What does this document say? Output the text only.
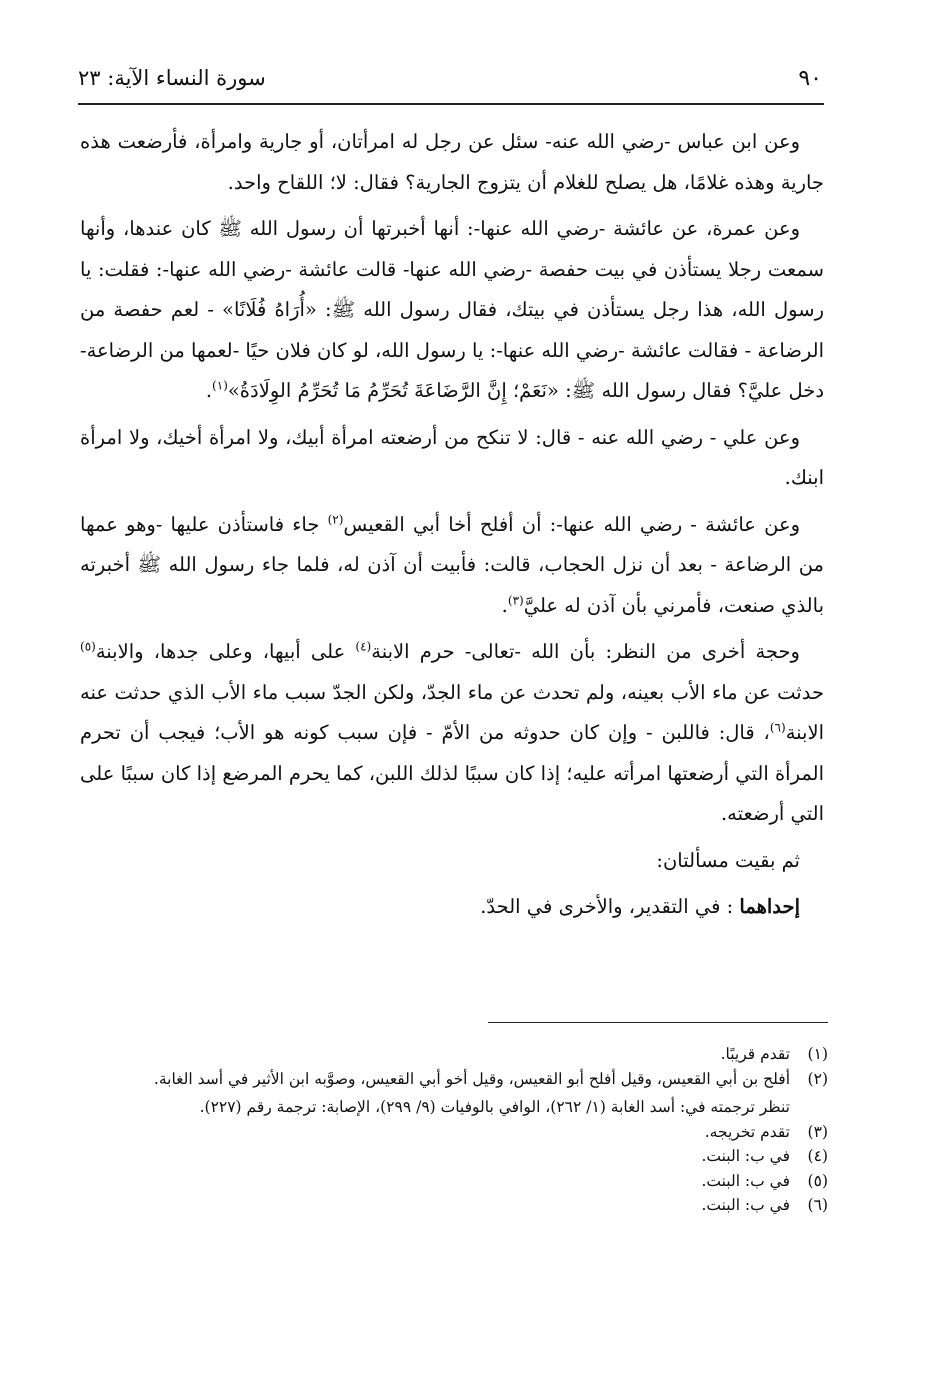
٩٠
سورة النساء الآية: ٢٣

وعن ابن عباس -رضي الله عنه- سئل عن رجل له امرأتان، أو جارية وامرأة، فأرضعت هذه جارية وهذه غلامًا، هل يصلح للغلام أن يتزوج الجارية؟ فقال: لا؛ اللقاح واحد.

وعن عمرة، عن عائشة -رضي الله عنها-: أنها أخبرتها أن رسول الله ﷺ كان عندها، وأنها سمعت رجلا يستأذن في بيت حفصة -رضي الله عنها- قالت عائشة -رضي الله عنها-: فقلت: يا رسول الله، هذا رجل يستأذن في بيتك، فقال رسول الله ﷺ: «أُرَاهُ فُلَانًا» - لعم حفصة من الرضاعة - فقالت عائشة -رضي الله عنها-: يا رسول الله، لو كان فلان حيًا -لعمها من الرضاعة- دخل عليَّ؟ فقال رسول الله ﷺ: «نَعَمْ؛ إِنَّ الرَّضَاعَةَ تُحَرِّمُ مَا تُحَرِّمُ الوِلَادَةُ»$^{(١)}$.

وعن علي - رضي الله عنه - قال: لا تنكح من أرضعته امرأة أبيك، ولا امرأة أخيك، ولا امرأة ابنك.

وعن عائشة - رضي الله عنها-: أن أفلح أخا أبي القعيس$^{(٢)}$ جاء فاستأذن عليها -وهو عمها من الرضاعة - بعد أن نزل الحجاب، قالت: فأبيت أن آذن له، فلما جاء رسول الله ﷺ أخبرته بالذي صنعت، فأمرني بأن آذن له عليَّ$^{(٣)}$.

وحجة أخرى من النظر: بأن الله -تعالى- حرم الابنة$^{(٤)}$ على أبيها، وعلى جدها، والابنة$^{(٥)}$ حدثت عن ماء الأب بعينه، ولم تحدث عن ماء الجدّ، ولكن الجدّ سبب ماء الأب الذي حدثت عنه الابنة$^{(٦)}$، قال: فاللبن - وإن كان حدوثه من الأمّ - فإن سبب كونه هو الأب؛ فيجب أن تحرم المرأة التي أرضعتها امرأته عليه؛ إذا كان سببًا لذلك اللبن، كما يحرم المرضع إذا كان سببًا على التي أرضعته.

ثم بقيت مسألتان:

إحداهما : في التقدير، والأخرى في الحدّ.

(١)
تقدم قريبًا.
(٢)
أفلح بن أبي القعيس، وقيل أفلح أبو القعيس، وقيل أخو أبي القعيس، وصوَّبه ابن الأثير في أسد الغابة.
تنظر ترجمته في: أسد الغابة (١/ ٢٦٢)، الوافي بالوفيات (٩/ ٢٩٩)، الإصابة: ترجمة رقم (٢٢٧).
(٣)
تقدم تخريجه.
(٤)
في ب: البنت.
(٥)
في ب: البنت.
(٦)
في ب: البنت.
